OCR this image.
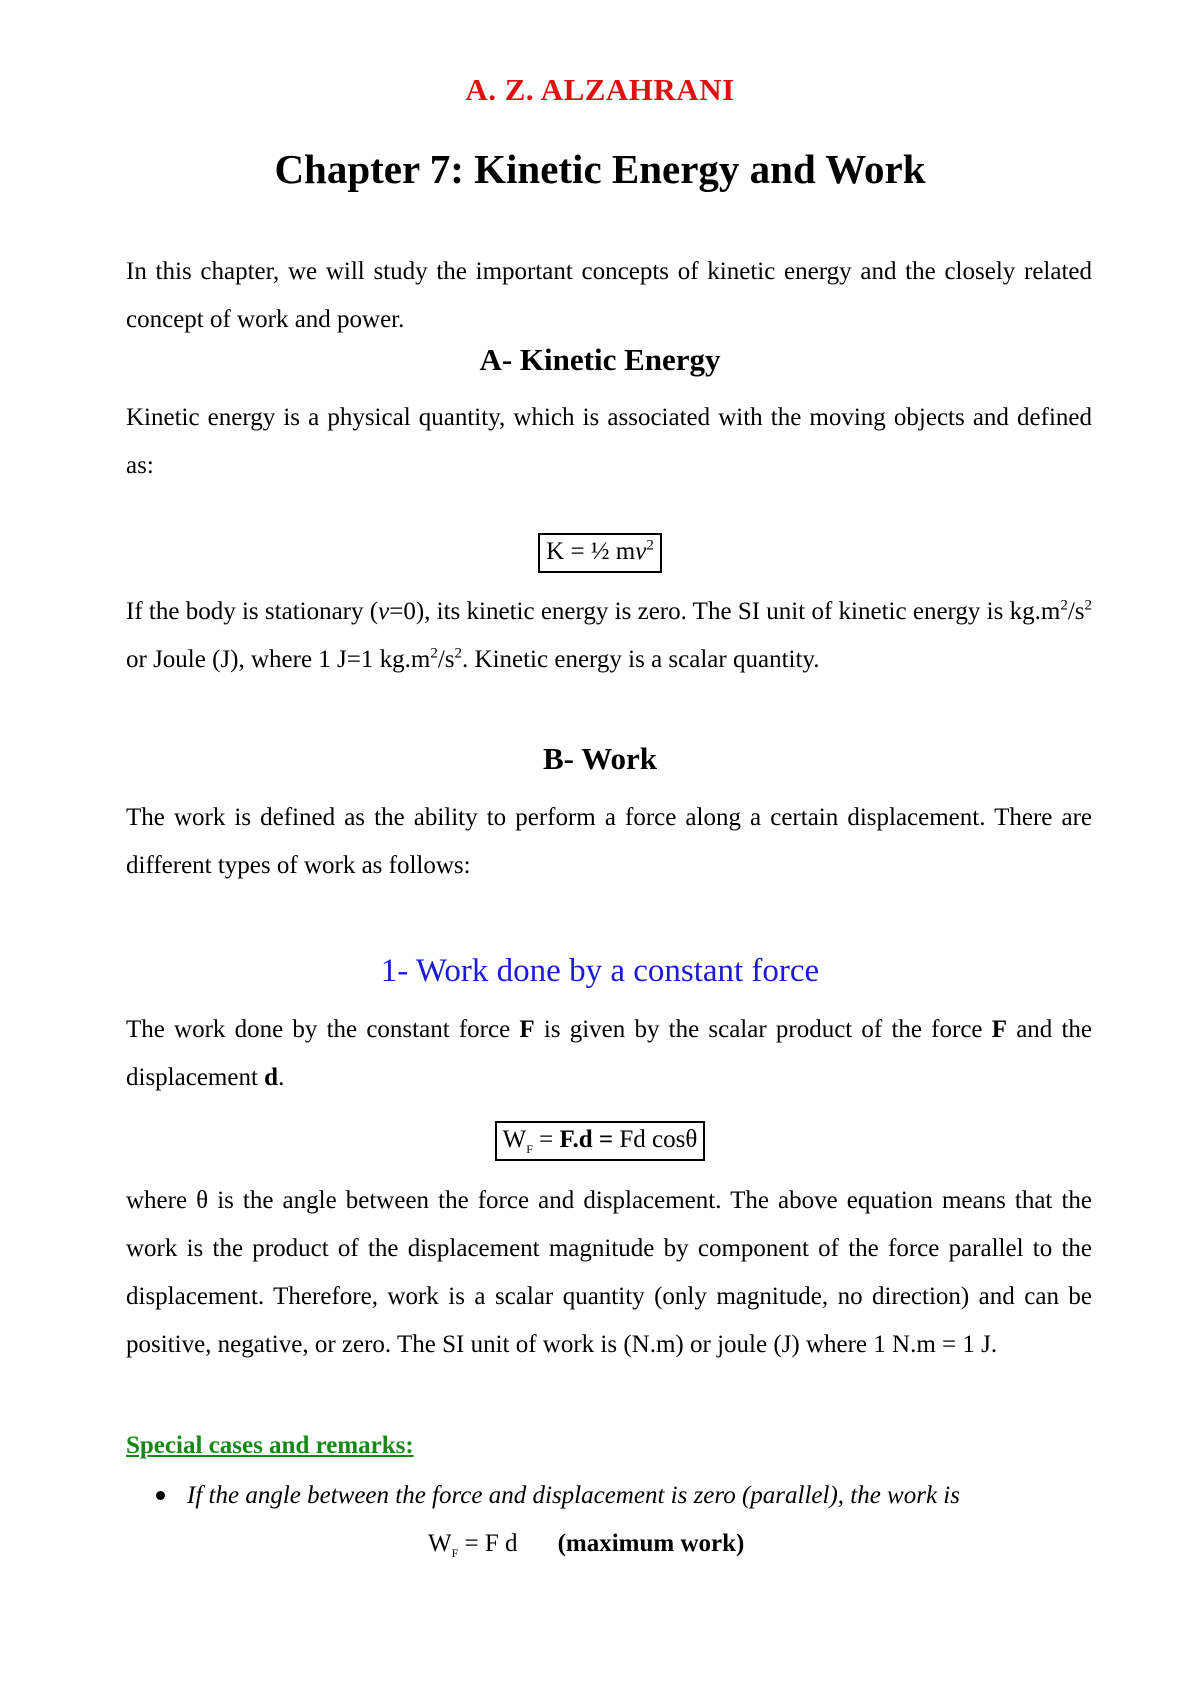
A. Z. ALZAHRANI
Chapter 7: Kinetic Energy and Work

In this chapter, we will study the important concepts of kinetic energy and the closely related concept of work and power.

A- Kinetic Energy

Kinetic energy is a physical quantity, which is associated with the moving objects and defined as:

K = ½ $mv^2$

If the body is stationary (v=0), its kinetic energy is zero. The SI unit of kinetic energy is $kg.m^2/s^2$ or Joule (J), where 1 J=1 $kg.m^2/s^2$. Kinetic energy is a scalar quantity.

B- Work

The work is defined as the ability to perform a force along a certain displacement. There are different types of work as follows:

1- Work done by a constant force

The work done by the constant force F is given by the scalar product of the force F and the displacement d.

$W_F = F.d = Fd$ cosθ

where θ is the angle between the force and displacement. The above equation means that the work is the product of the displacement magnitude by component of the force parallel to the displacement. Therefore, work is a scalar quantity (only magnitude, no direction) and can be positive, negative, or zero. The SI unit of work is (N.m) or joule (J) where 1 N.m = 1 J.

Special cases and remarks:
If the angle between the force and displacement is zero (parallel), the work is
$W_F = F$ d (maximum work)
